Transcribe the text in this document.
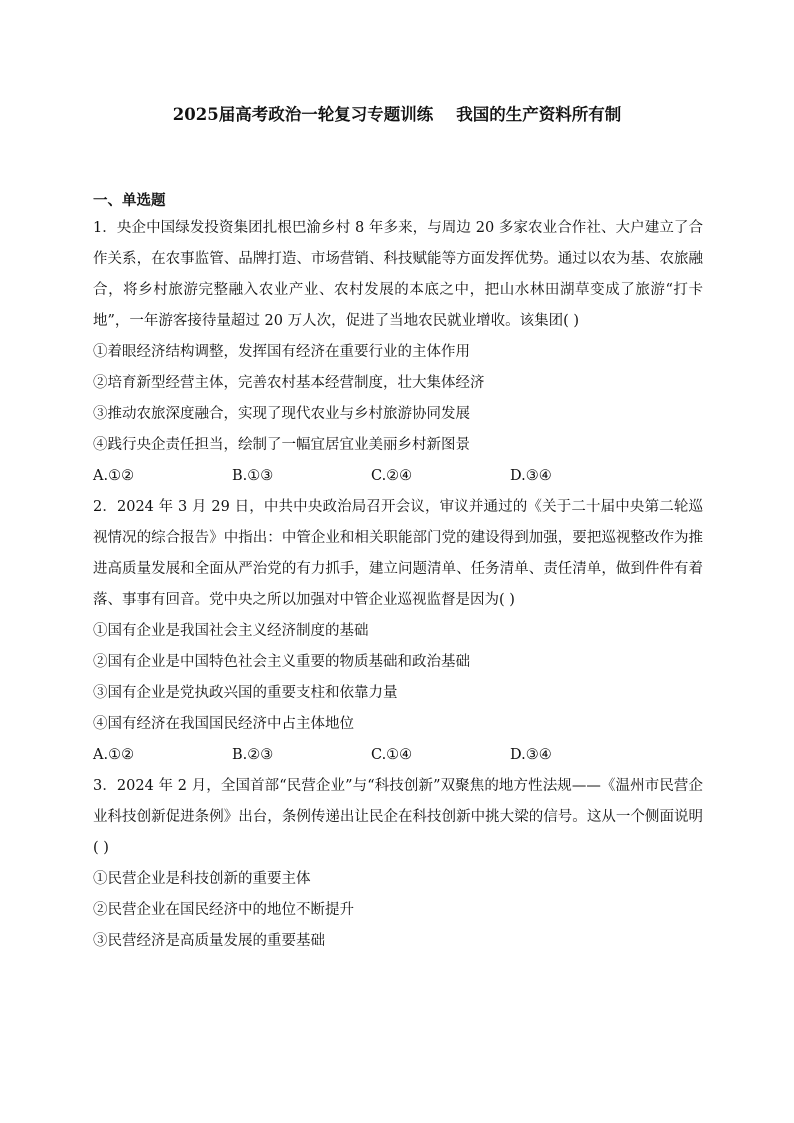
2025届高考政治一轮复习专题训练    我国的生产资料所有制
一、单选题

1．央企中国绿发投资集团扎根巴渝乡村 8 年多来，与周边 20 多家农业合作社、大户建立了合作关系，在农事监管、品牌打造、市场营销、科技赋能等方面发挥优势。通过以农为基、农旅融合，将乡村旅游完整融入农业产业、农村发展的本底之中，把山水林田湖草变成了旅游“打卡地”，一年游客接待量超过 20 万人次，促进了当地农民就业增收。该集团( )

①着眼经济结构调整，发挥国有经济在重要行业的主体作用

②培育新型经营主体，完善农村基本经营制度，壮大集体经济

③推动农旅深度融合，实现了现代农业与乡村旅游协同发展

④践行央企责任担当，绘制了一幅宜居宜业美丽乡村新图景

A.①②	B.①③	C.②④	D.③④

2．2024 年 3 月 29 日，中共中央政治局召开会议，审议并通过的《关于二十届中央第二轮巡视情况的综合报告》中指出：中管企业和相关职能部门党的建设得到加强，要把巡视整改作为推进高质量发展和全面从严治党的有力抓手，建立问题清单、任务清单、责任清单，做到件件有着落、事事有回音。党中央之所以加强对中管企业巡视监督是因为( )

①国有企业是我国社会主义经济制度的基础

②国有企业是中国特色社会主义重要的物质基础和政治基础

③国有企业是党执政兴国的重要支柱和依靠力量

④国有经济在我国国民经济中占主体地位

A.①②	B.②③	C.①④	D.③④

3．2024 年 2 月，全国首部“民营企业”与“科技创新”双聚焦的地方性法规——《温州市民营企业科技创新促进条例》出台，条例传递出让民企在科技创新中挑大梁的信号。这从一个侧面说明( )

①民营企业是科技创新的重要主体

②民营企业在国民经济中的地位不断提升

③民营经济是高质量发展的重要基础
